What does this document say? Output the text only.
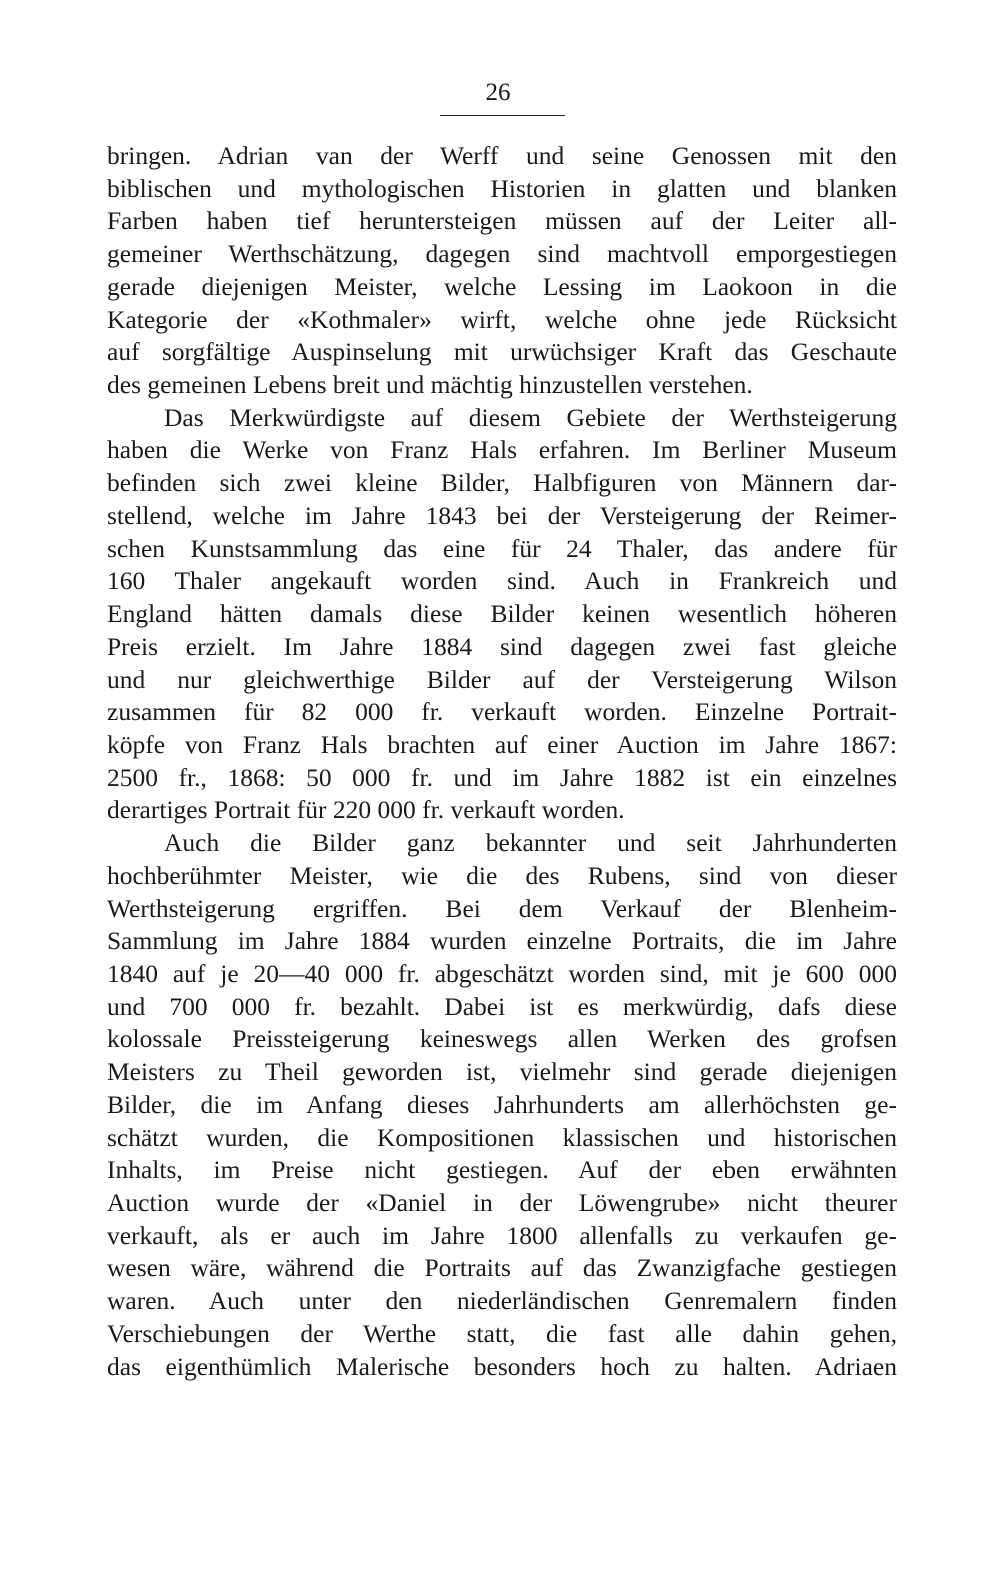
26
bringen. Adrian van der Werff und seine Genossen mit den
biblischen und mythologischen Historien in glatten und blanken
Farben haben tief heruntersteigen müssen auf der Leiter all-
gemeiner Werthschätzung, dagegen sind machtvoll emporgestiegen
gerade diejenigen Meister, welche Lessing im Laokoon in die
Kategorie der «Kothmaler» wirft, welche ohne jede Rücksicht
auf sorgfältige Auspinselung mit urwüchsiger Kraft das Geschaute
des gemeinen Lebens breit und mächtig hinzustellen verstehen.
Das Merkwürdigste auf diesem Gebiete der Werthsteigerung
haben die Werke von Franz Hals erfahren. Im Berliner Museum
befinden sich zwei kleine Bilder, Halbfiguren von Männern dar-
stellend, welche im Jahre 1843 bei der Versteigerung der Reimer-
schen Kunstsammlung das eine für 24 Thaler, das andere für
160 Thaler angekauft worden sind. Auch in Frankreich und
England hätten damals diese Bilder keinen wesentlich höheren
Preis erzielt. Im Jahre 1884 sind dagegen zwei fast gleiche
und nur gleichwerthige Bilder auf der Versteigerung Wilson
zusammen für 82 000 fr. verkauft worden. Einzelne Portrait-
köpfe von Franz Hals brachten auf einer Auction im Jahre 1867:
2500 fr., 1868: 50 000 fr. und im Jahre 1882 ist ein einzelnes
derartiges Portrait für 220 000 fr. verkauft worden.
Auch die Bilder ganz bekannter und seit Jahrhunderten
hochberühmter Meister, wie die des Rubens, sind von dieser
Werthsteigerung ergriffen. Bei dem Verkauf der Blenheim-
Sammlung im Jahre 1884 wurden einzelne Portraits, die im Jahre
1840 auf je 20—40 000 fr. abgeschätzt worden sind, mit je 600 000
und 700 000 fr. bezahlt. Dabei ist es merkwürdig, dafs diese
kolossale Preissteigerung keineswegs allen Werken des grofsen
Meisters zu Theil geworden ist, vielmehr sind gerade diejenigen
Bilder, die im Anfang dieses Jahrhunderts am allerhöchsten ge-
schätzt wurden, die Kompositionen klassischen und historischen
Inhalts, im Preise nicht gestiegen. Auf der eben erwähnten
Auction wurde der «Daniel in der Löwengrube» nicht theurer
verkauft, als er auch im Jahre 1800 allenfalls zu verkaufen ge-
wesen wäre, während die Portraits auf das Zwanzigfache gestiegen
waren. Auch unter den niederländischen Genremalern finden
Verschiebungen der Werthe statt, die fast alle dahin gehen,
das eigenthümlich Malerische besonders hoch zu halten. Adriaen
